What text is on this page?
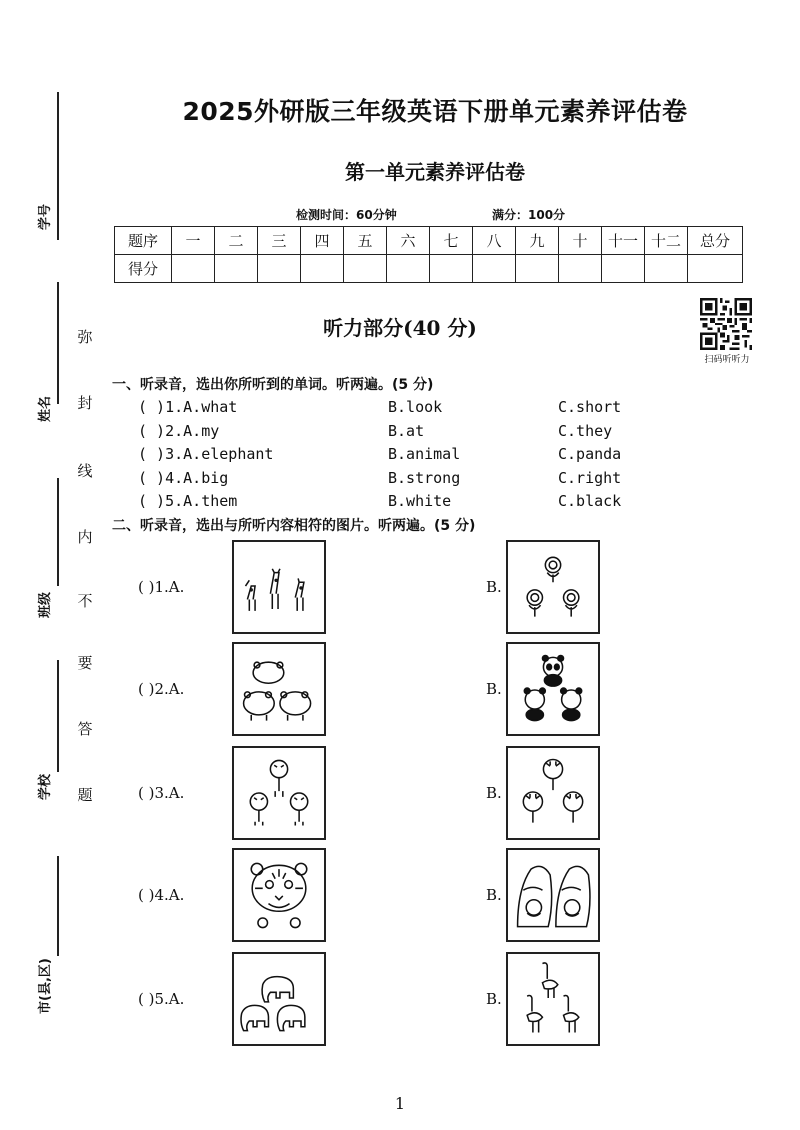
学号
姓名
班级
学校
市(县,区)
弥
封
线
内
不
要
答
题
2025外研版三年级英语下册单元素养评估卷
第一单元素养评估卷
检测时间：60分钟	满分：100分
题序	一	二	三	四	五	六	七	八	九	十	十一	十二	总分
得分													
听力部分(40 分)
扫码听听力
一、听录音，选出你所听到的单词。听两遍。(5 分)
( )1.A.what	B.look	C.short
( )2.A.my	B.at	C.they
( )3.A.elephant	B.animal	C.panda
( )4.A.big	B.strong	C.right
( )5.A.them	B.white	C.black
二、听录音，选出与所听内容相符的图片。听两遍。(5 分)
( )1.A.	B.
( )2.A.	B.
( )3.A.	B.
( )4.A.	B.
( )5.A.	B.
1
